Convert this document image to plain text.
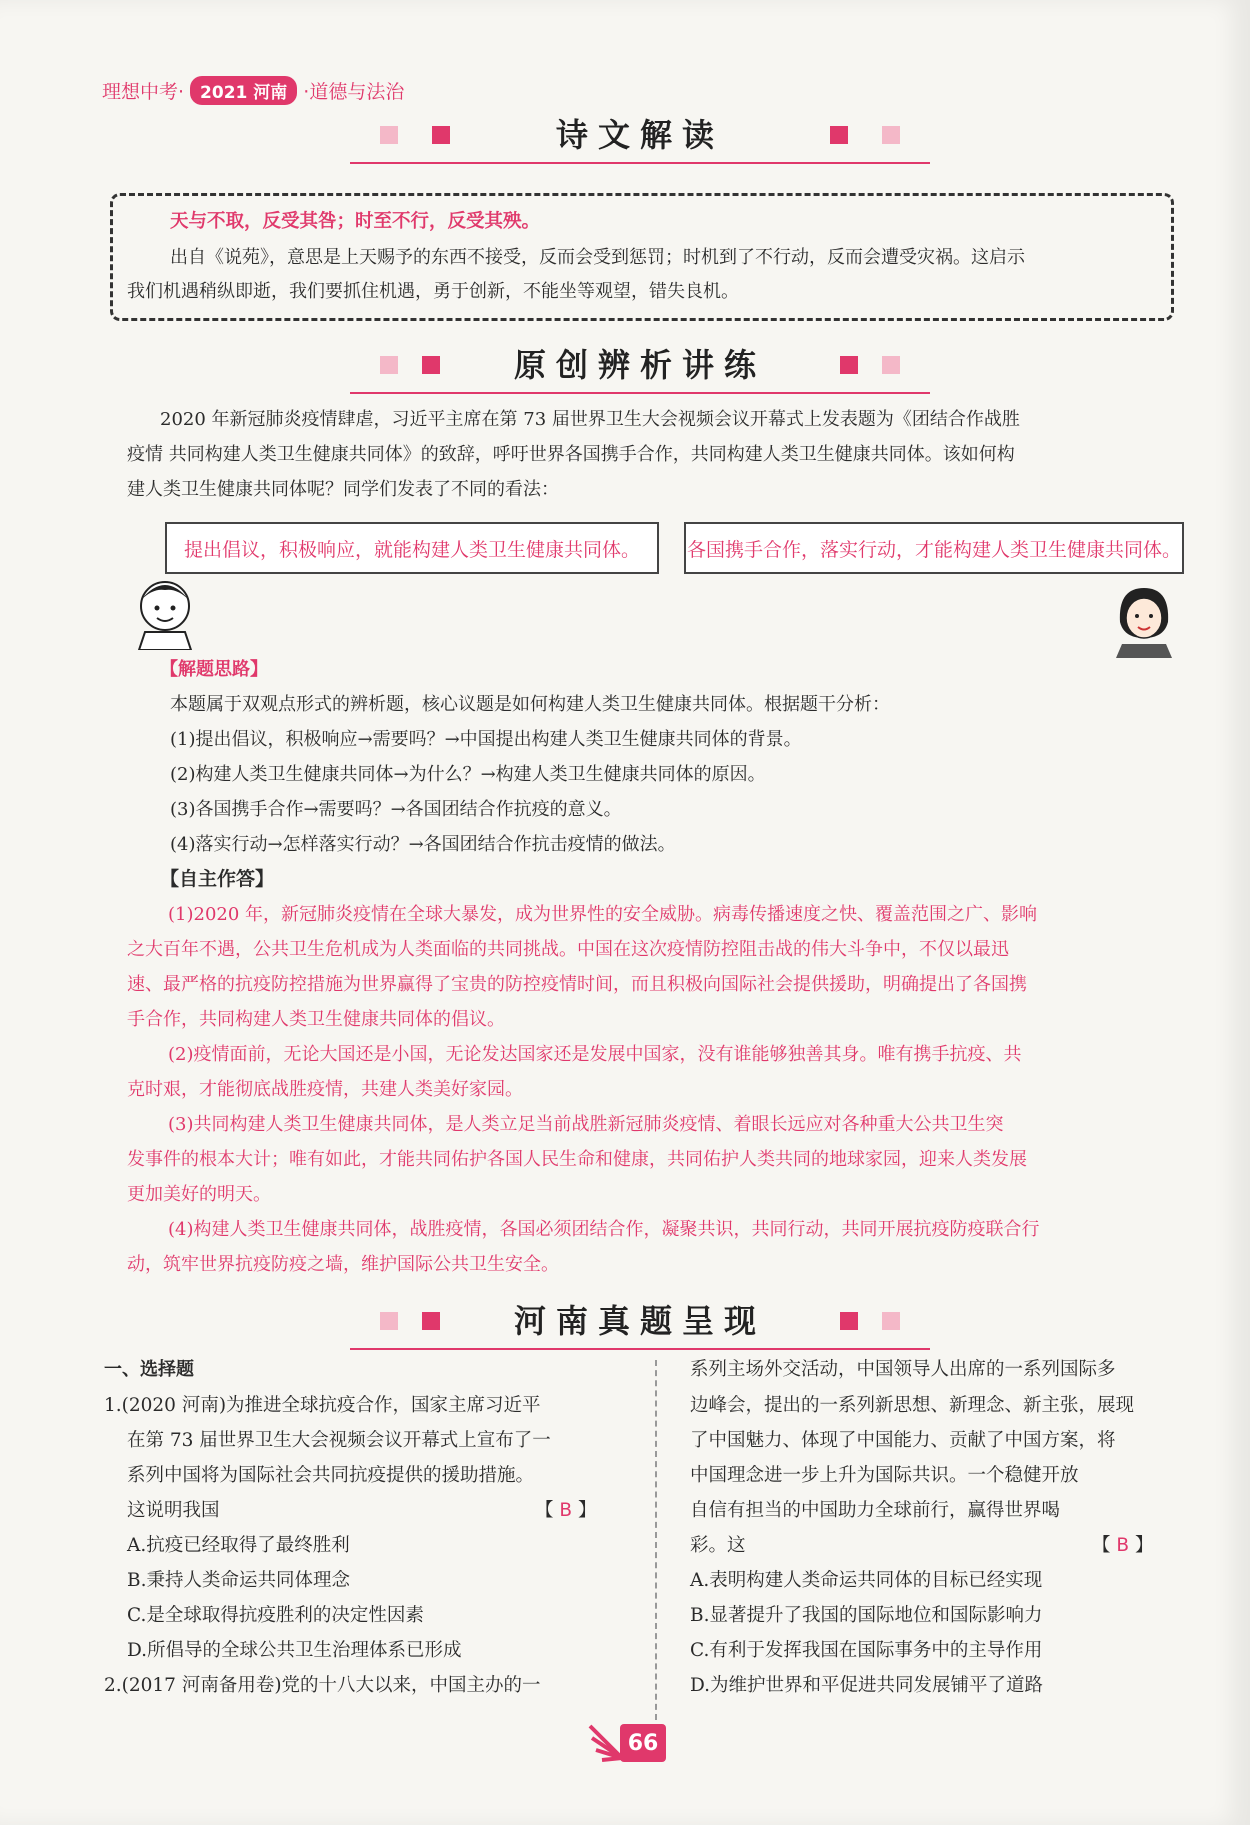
理想中考· 2021 河南 ·道德与法治
诗文解读
天与不取，反受其咎；时至不行，反受其殃。
出自《说苑》，意思是上天赐予的东西不接受，反而会受到惩罚；时机到了不行动，反而会遭受灾祸。这启示
我们机遇稍纵即逝，我们要抓住机遇，勇于创新，不能坐等观望，错失良机。
原创辨析讲练
2020 年新冠肺炎疫情肆虐，习近平主席在第 73 届世界卫生大会视频会议开幕式上发表题为《团结合作战胜
疫情 共同构建人类卫生健康共同体》的致辞，呼吁世界各国携手合作，共同构建人类卫生健康共同体。该如何构
建人类卫生健康共同体呢？同学们发表了不同的看法：
提出倡议，积极响应，就能构建人类卫生健康共同体。	各国携手合作，落实行动，才能构建人类卫生健康共同体。
【解题思路】
本题属于双观点形式的辨析题，核心议题是如何构建人类卫生健康共同体。根据题干分析：
(1)提出倡议，积极响应→需要吗？→中国提出构建人类卫生健康共同体的背景。
(2)构建人类卫生健康共同体→为什么？→构建人类卫生健康共同体的原因。
(3)各国携手合作→需要吗？→各国团结合作抗疫的意义。
(4)落实行动→怎样落实行动？→各国团结合作抗击疫情的做法。
【自主作答】
(1)2020 年，新冠肺炎疫情在全球大暴发，成为世界性的安全威胁。病毒传播速度之快、覆盖范围之广、影响
之大百年不遇，公共卫生危机成为人类面临的共同挑战。中国在这次疫情防控阻击战的伟大斗争中，不仅以最迅
速、最严格的抗疫防控措施为世界赢得了宝贵的防控疫情时间，而且积极向国际社会提供援助，明确提出了各国携
手合作，共同构建人类卫生健康共同体的倡议。
(2)疫情面前，无论大国还是小国，无论发达国家还是发展中国家，没有谁能够独善其身。唯有携手抗疫、共
克时艰，才能彻底战胜疫情，共建人类美好家园。
(3)共同构建人类卫生健康共同体，是人类立足当前战胜新冠肺炎疫情、着眼长远应对各种重大公共卫生突
发事件的根本大计；唯有如此，才能共同佑护各国人民生命和健康，共同佑护人类共同的地球家园，迎来人类发展
更加美好的明天。
(4)构建人类卫生健康共同体，战胜疫情，各国必须团结合作，凝聚共识，共同行动，共同开展抗疫防疫联合行
动，筑牢世界抗疫防疫之墙，维护国际公共卫生安全。
河南真题呈现
一、选择题
1.(2020 河南)为推进全球抗疫合作，国家主席习近平
在第 73 届世界卫生大会视频会议开幕式上宣布了一
系列中国将为国际社会共同抗疫提供的援助措施。
这说明我国	【 B 】
A.抗疫已经取得了最终胜利
B.秉持人类命运共同体理念
C.是全球取得抗疫胜利的决定性因素
D.所倡导的全球公共卫生治理体系已形成
2.(2017 河南备用卷)党的十八大以来，中国主办的一
系列主场外交活动，中国领导人出席的一系列国际多
边峰会，提出的一系列新思想、新理念、新主张，展现
了中国魅力、体现了中国能力、贡献了中国方案，将
中国理念进一步上升为国际共识。一个稳健开放
自信有担当的中国助力全球前行，赢得世界喝
彩。这	【 B 】
A.表明构建人类命运共同体的目标已经实现
B.显著提升了我国的国际地位和国际影响力
C.有利于发挥我国在国际事务中的主导作用
D.为维护世界和平促进共同发展铺平了道路
66
